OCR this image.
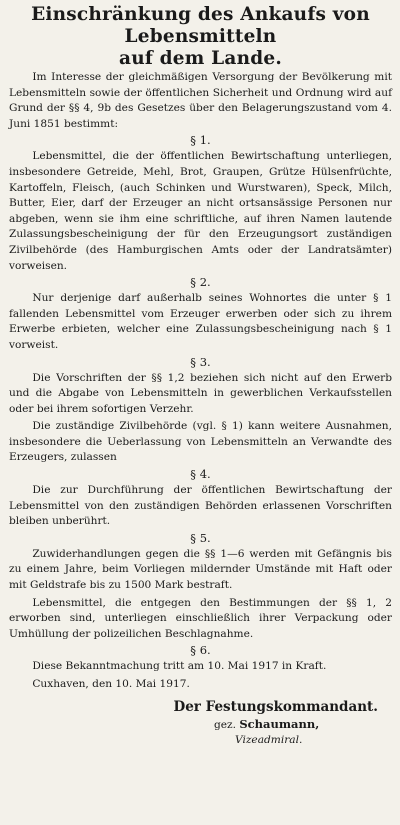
Einschränkung des Ankaufs von Lebensmitteln
auf dem Lande.

Im Interesse der gleichmäßigen Versorgung der Bevölkerung mit Lebensmitteln sowie der öffentlichen Sicherheit und Ordnung wird auf Grund der §§ 4, 9b des Gesetzes über den Belagerungszustand vom 4. Juni 1851 bestimmt:

§ 1.

Lebensmittel, die der öffentlichen Bewirtschaftung unterliegen, insbesondere Getreide, Mehl, Brot, Graupen, Grütze Hülsenfrüchte, Kartoffeln, Fleisch, (auch Schinken und Wurstwaren), Speck, Milch, Butter, Eier, darf der Erzeuger an nicht ortsansässige Personen nur abgeben, wenn sie ihm eine schriftliche, auf ihren Namen lautende Zulassungsbescheinigung der für den Erzeugungsort zuständigen Zivilbehörde (des Hamburgischen Amts oder der Landratsämter) vorweisen.

§ 2.

Nur derjenige darf außerhalb seines Wohnortes die unter § 1 fallenden Lebensmittel vom Erzeuger erwerben oder sich zu ihrem Erwerbe erbieten, welcher eine Zulassungsbescheinigung nach § 1 vorweist.

§ 3.

Die Vorschriften der §§ 1,2 beziehen sich nicht auf den Erwerb und die Abgabe von Lebensmitteln in gewerblichen Verkaufsstellen oder bei ihrem sofortigen Verzehr.

Die zuständige Zivilbehörde (vgl. § 1) kann weitere Ausnahmen, insbesondere die Ueberlassung von Lebensmitteln an Verwandte des Erzeugers, zulassen

§ 4.

Die zur Durchführung der öffentlichen Bewirtschaftung der Lebensmittel von den zuständigen Behörden erlassenen Vorschriften bleiben unberührt.

§ 5.

Zuwiderhandlungen gegen die §§ 1—6 werden mit Gefängnis bis zu einem Jahre, beim Vorliegen mildernder Umstände mit Haft oder mit Geldstrafe bis zu 1500 Mark bestraft.

Lebensmittel, die entgegen den Bestimmungen der §§ 1, 2 erworben sind, unterliegen einschließlich ihrer Verpackung oder Umhüllung der polizeilichen Beschlagnahme.

§ 6.

Diese Bekanntmachung tritt am 10. Mai 1917 in Kraft.

Cuxhaven, den 10. Mai 1917.

Der Festungskommandant.

gez. Schaumann,

Vizeadmiral.
